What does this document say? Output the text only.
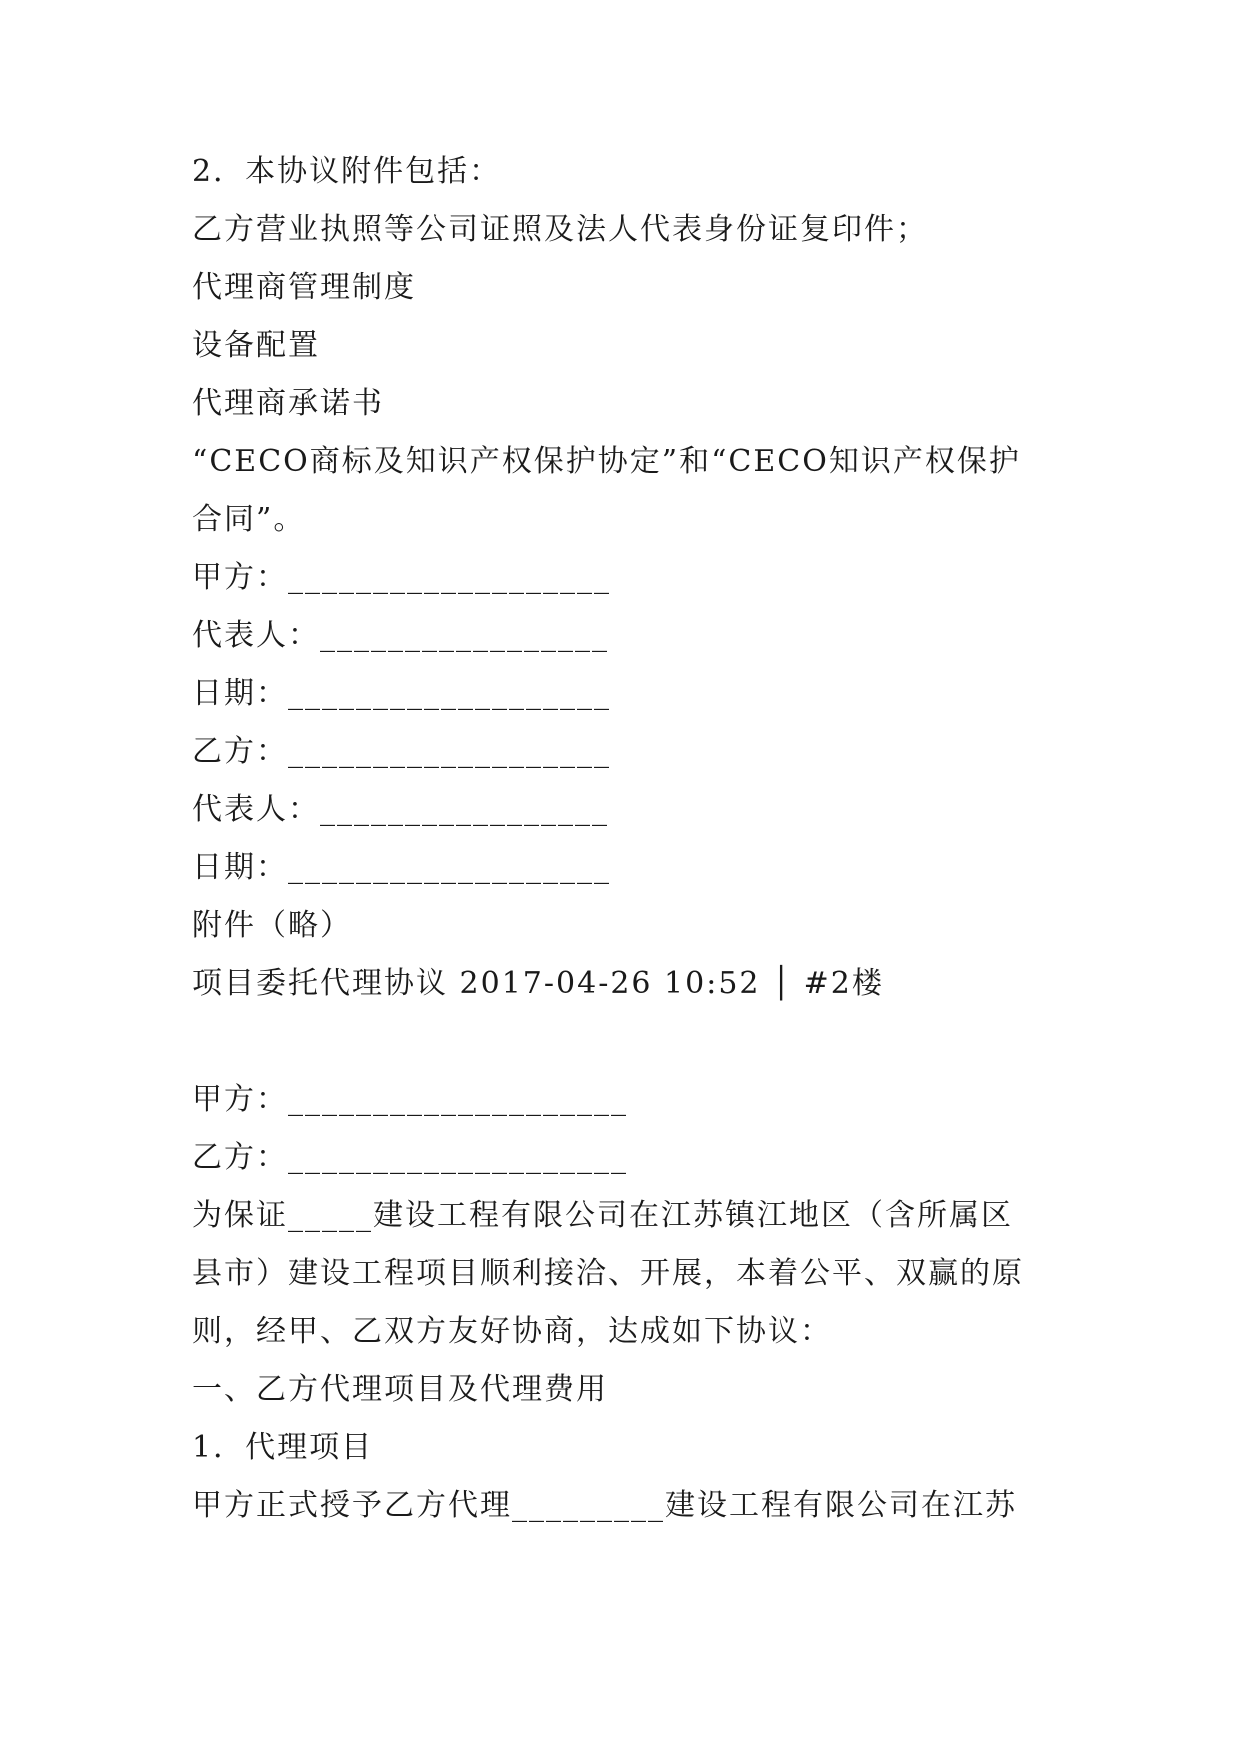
2．本协议附件包括：

乙方营业执照等公司证照及法人代表身份证复印件；

代理商管理制度

设备配置

代理商承诺书

“CECO商标及知识产权保护协定”和“CECO知识产权保护

合同”。

甲方：___________________

代表人：_________________

日期：___________________

乙方：___________________

代表人：_________________

日期：___________________

附件（略）

项目委托代理协议 2017-04-26 10:52 │ #2楼

甲方：____________________

乙方：____________________

为保证_____建设工程有限公司在江苏镇江地区（含所属区

县市）建设工程项目顺利接洽、开展，本着公平、双赢的原

则，经甲、乙双方友好协商，达成如下协议：

一、乙方代理项目及代理费用

1．代理项目

甲方正式授予乙方代理_________建设工程有限公司在江苏
